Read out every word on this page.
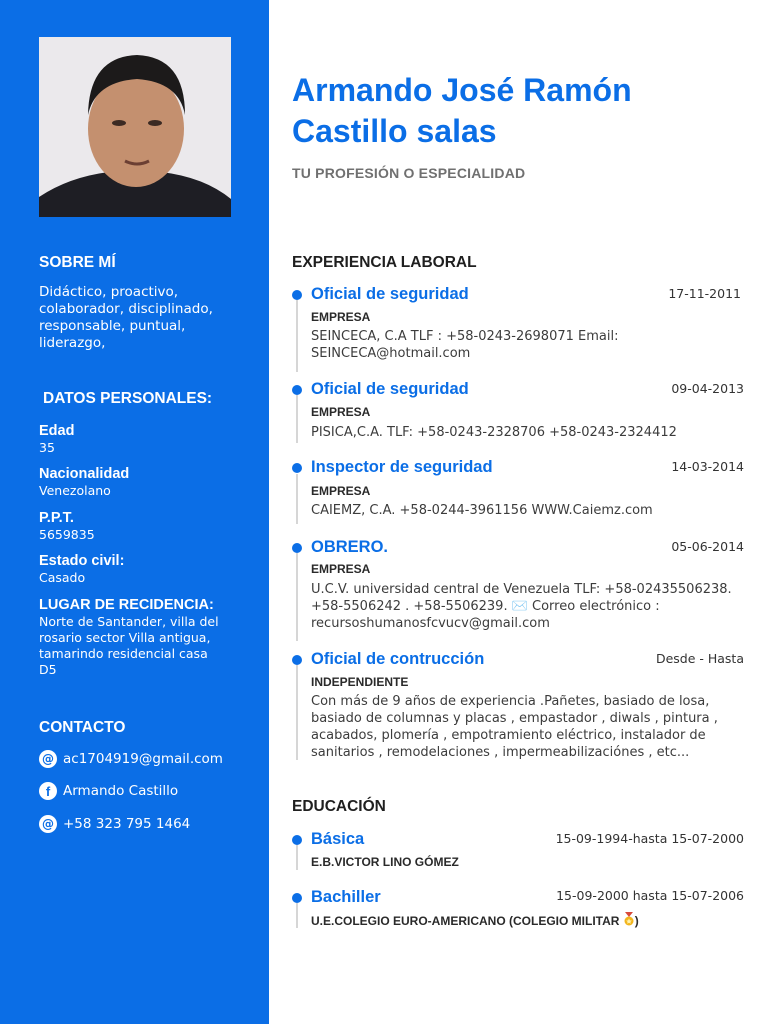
SOBRE MÍ

Didáctico, proactivo, colaborador, disciplinado, responsable, puntual, liderazgo,

DATOS PERSONALES:
Edad
35
Nacionalidad
Venezolano
P.P.T.
5659835
Estado civil:
Casado
LUGAR DE RECIDENCIA:
Norte de Santander, villa del rosario sector Villa antigua, tamarindo residencial casa D5
CONTACTO
@ ac1704919@gmail.com
f Armando Castillo
@ +58 323 795 1464
Armando José Ramón
Castillo salas
TU PROFESIÓN O ESPECIALIDAD
EXPERIENCIA LABORAL
Oficial de seguridad	17-11-2011
EMPRESA
SEINCECA, C.A TLF : +58-0243-2698071 Email: SEINCECA@hotmail.com
Oficial de seguridad	09-04-2013
EMPRESA
PISICA,C.A. TLF: +58-0243-2328706 +58-0243-2324412
Inspector de seguridad	14-03-2014
EMPRESA
CAIEMZ, C.A. +58-0244-3961156 WWW.Caiemz.com
OBRERO.	05-06-2014
EMPRESA
U.C.V. universidad central de Venezuela TLF: +58-02435506238. +58-5506242 . +58-5506239. ✉️ Correo electrónico : recursoshumanosfcvucv@gmail.com
Oficial de contrucción	Desde - Hasta
INDEPENDIENTE
Con más de 9 años de experiencia .Pañetes, basiado de losa, basiado de columnas y placas , empastador , diwals , pintura , acabados, plomería , empotramiento eléctrico, instalador de sanitarios , remodelaciones , impermeabilizaciónes , etc...
EDUCACIÓN
Básica	15-09-1994-hasta 15-07-2000
E.B.VICTOR LINO GÓMEZ
Bachiller	15-09-2000 hasta 15-07-2006
U.E.COLEGIO EURO-AMERICANO (COLEGIO MILITAR )
